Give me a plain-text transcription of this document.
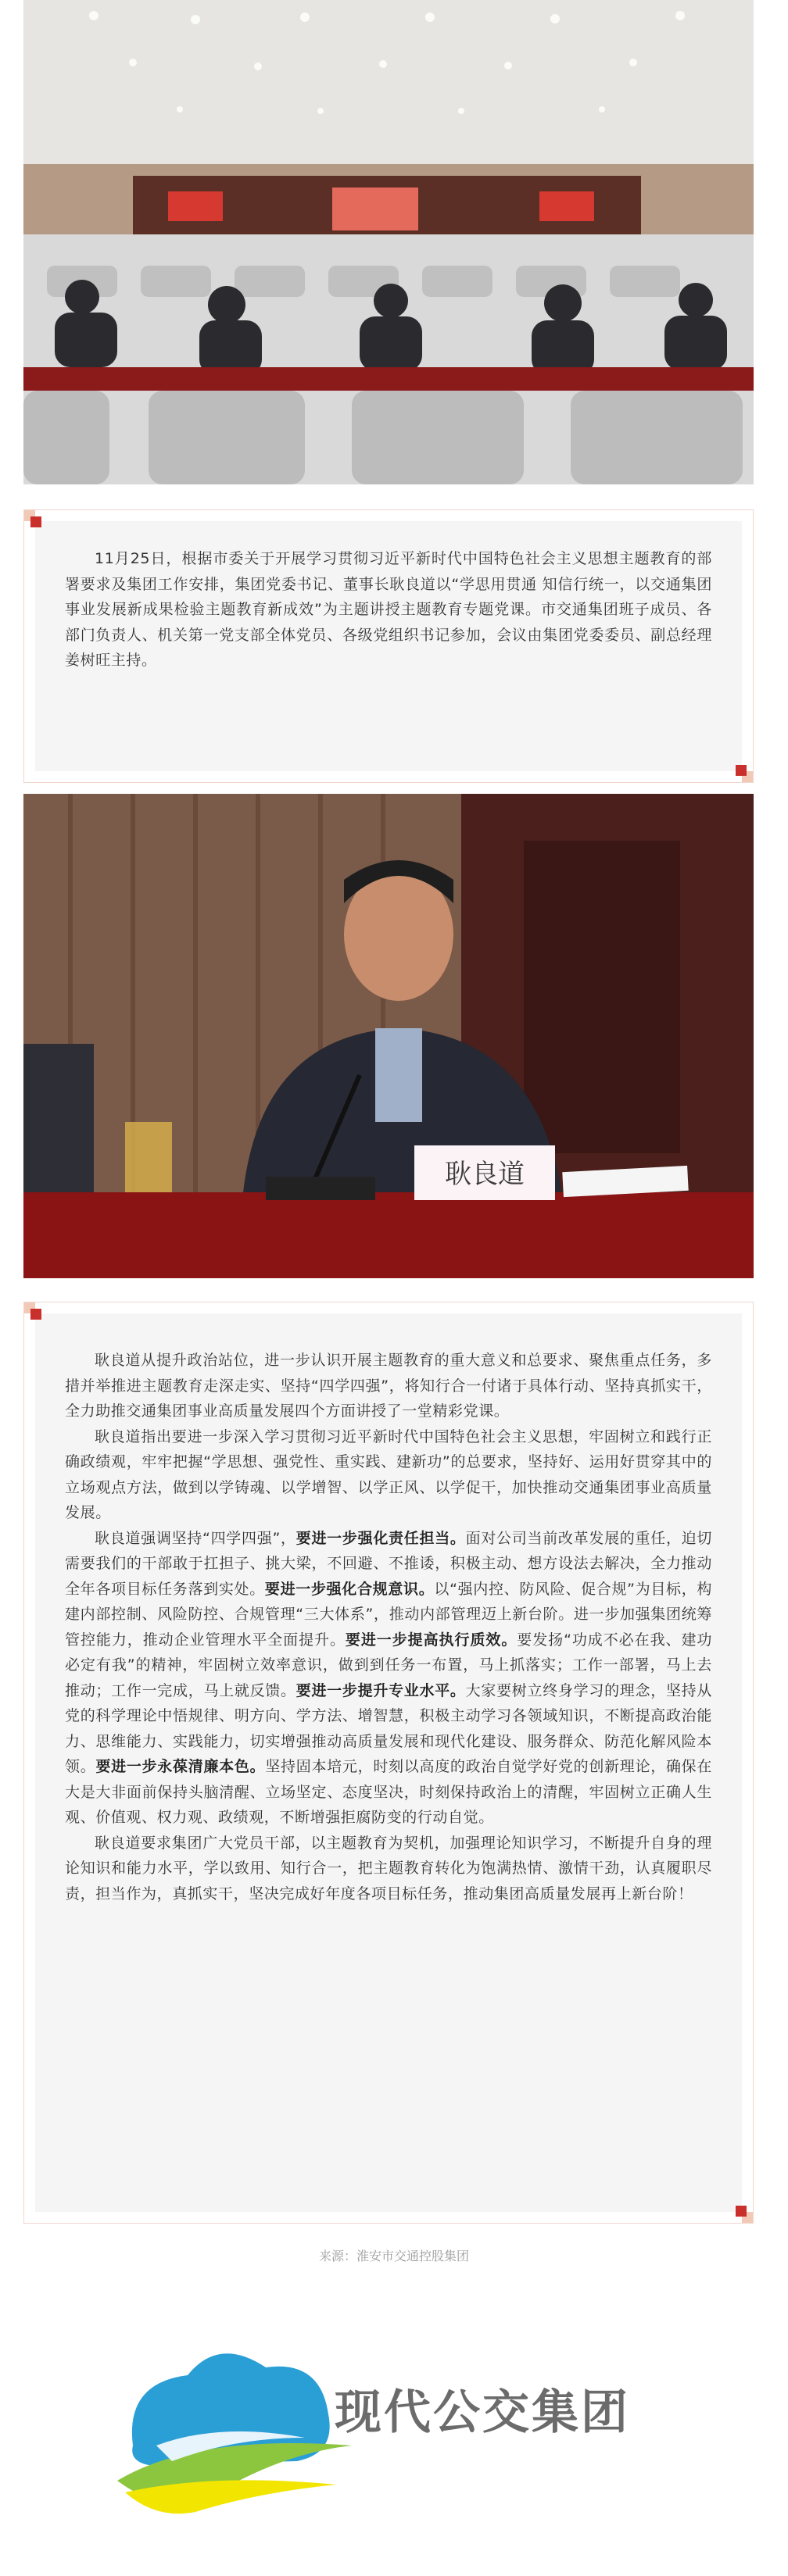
11月25日，根据市委关于开展学习贯彻习近平新时代中国特色社会主义思想主题教育的部署要求及集团工作安排，集团党委书记、董事长耿良道以“学思用贯通 知信行统一，以交通集团事业发展新成果检验主题教育新成效”为主题讲授主题教育专题党课。市交通集团班子成员、各部门负责人、机关第一党支部全体党员、各级党组织书记参加，会议由集团党委委员、副总经理姜树旺主持。

耿良道

耿良道从提升政治站位，进一步认识开展主题教育的重大意义和总要求、聚焦重点任务，多措并举推进主题教育走深走实、坚持“四学四强”，将知行合一付诸于具体行动、坚持真抓实干，全力助推交通集团事业高质量发展四个方面讲授了一堂精彩党课。

耿良道指出要进一步深入学习贯彻习近平新时代中国特色社会主义思想，牢固树立和践行正确政绩观，牢牢把握“学思想、强党性、重实践、建新功”的总要求，坚持好、运用好贯穿其中的立场观点方法，做到以学铸魂、以学增智、以学正风、以学促干，加快推动交通集团事业高质量发展。

耿良道强调坚持“四学四强”，要进一步强化责任担当。面对公司当前改革发展的重任，迫切需要我们的干部敢于扛担子、挑大梁，不回避、不推诿，积极主动、想方设法去解决，全力推动全年各项目标任务落到实处。要进一步强化合规意识。以“强内控、防风险、促合规”为目标，构建内部控制、风险防控、合规管理“三大体系”，推动内部管理迈上新台阶。进一步加强集团统筹管控能力，推动企业管理水平全面提升。要进一步提高执行质效。要发扬“功成不必在我、建功必定有我”的精神，牢固树立效率意识，做到到任务一布置，马上抓落实；工作一部署，马上去推动；工作一完成，马上就反馈。要进一步提升专业水平。大家要树立终身学习的理念，坚持从党的科学理论中悟规律、明方向、学方法、增智慧，积极主动学习各领域知识，不断提高政治能力、思维能力、实践能力，切实增强推动高质量发展和现代化建设、服务群众、防范化解风险本领。要进一步永葆清廉本色。坚持固本培元，时刻以高度的政治自觉学好党的创新理论，确保在大是大非面前保持头脑清醒、立场坚定、态度坚决，时刻保持政治上的清醒，牢固树立正确人生观、价值观、权力观、政绩观，不断增强拒腐防变的行动自觉。

耿良道要求集团广大党员干部，以主题教育为契机，加强理论知识学习，不断提升自身的理论知识和能力水平，学以致用、知行合一，把主题教育转化为饱满热情、激情干劲，认真履职尽责，担当作为，真抓实干，坚决完成好年度各项目标任务，推动集团高质量发展再上新台阶！

来源：淮安市交通控股集团
现代公交集团
